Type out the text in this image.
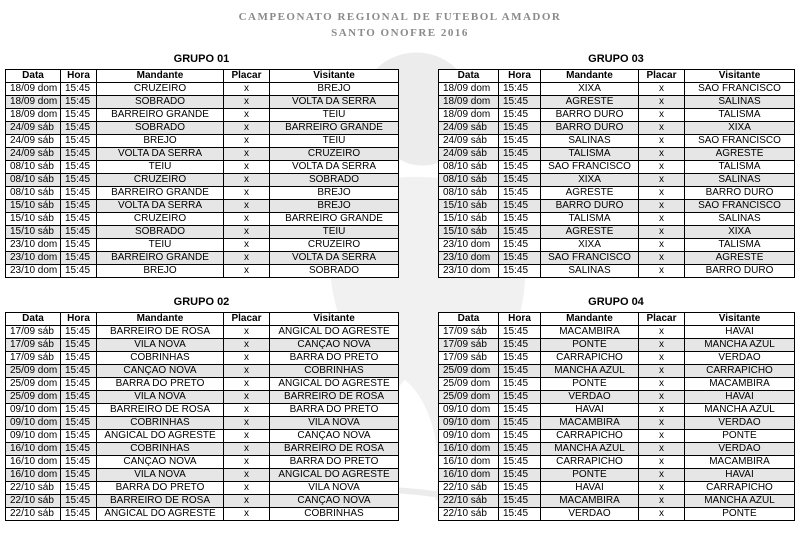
CAMPEONATO REGIONAL DE FUTEBOL AMADOR
SANTO ONOFRE 2016
GRUPO 01
Data	Hora	Mandante	Placar	Visitante
18/09 dom	15:45	CRUZEIRO	x	BREJO
18/09 dom	15:45	SOBRADO	x	VOLTA DA SERRA
18/09 dom	15:45	BARREIRO GRANDE	x	TEIU
24/09 sáb	15:45	SOBRADO	x	BARREIRO GRANDE
24/09 sáb	15:45	BREJO	x	TEIU
24/09 sáb	15:45	VOLTA DA SERRA	x	CRUZEIRO
08/10 sáb	15:45	TEIU	x	VOLTA DA SERRA
08/10 sáb	15:45	CRUZEIRO	x	SOBRADO
08/10 sáb	15:45	BARREIRO GRANDE	x	BREJO
15/10 sáb	15:45	VOLTA DA SERRA	x	BREJO
15/10 sáb	15:45	CRUZEIRO	x	BARREIRO GRANDE
15/10 sáb	15:45	SOBRADO	x	TEIU
23/10 dom	15:45	TEIU	x	CRUZEIRO
23/10 dom	15:45	BARREIRO GRANDE	x	VOLTA DA SERRA
23/10 dom	15:45	BREJO	x	SOBRADO
GRUPO 03
Data	Hora	Mandante	Placar	Visitante
18/09 dom	15:45	XIXA	x	SAO FRANCISCO
18/09 dom	15:45	AGRESTE	x	SALINAS
18/09 dom	15:45	BARRO DURO	x	TALISMA
24/09 sáb	15:45	BARRO DURO	x	XIXA
24/09 sáb	15:45	SALINAS	x	SAO FRANCISCO
24/09 sáb	15:45	TALISMA	x	AGRESTE
08/10 sáb	15:45	SAO FRANCISCO	x	TALISMA
08/10 sáb	15:45	XIXA	x	SALINAS
08/10 sáb	15:45	AGRESTE	x	BARRO DURO
15/10 sáb	15:45	BARRO DURO	x	SAO FRANCISCO
15/10 sáb	15:45	TALISMA	x	SALINAS
15/10 sáb	15:45	AGRESTE	x	XIXA
23/10 dom	15:45	XIXA	x	TALISMA
23/10 dom	15:45	SAO FRANCISCO	x	AGRESTE
23/10 dom	15:45	SALINAS	x	BARRO DURO
GRUPO 02
Data	Hora	Mandante	Placar	Visitante
17/09 sáb	15:45	BARREIRO DE ROSA	x	ANGICAL DO AGRESTE
17/09 sáb	15:45	VILA NOVA	x	CANÇAO NOVA
17/09 sáb	15:45	COBRINHAS	x	BARRA DO PRETO
25/09 dom	15:45	CANÇAO NOVA	x	COBRINHAS
25/09 dom	15:45	BARRA DO PRETO	x	ANGICAL DO AGRESTE
25/09 dom	15:45	VILA NOVA	x	BARREIRO DE ROSA
09/10 dom	15:45	BARREIRO DE ROSA	x	BARRA DO PRETO
09/10 dom	15:45	COBRINHAS	x	VILA NOVA
09/10 dom	15:45	ANGICAL DO AGRESTE	x	CANÇAO NOVA
16/10 dom	15:45	COBRINHAS	x	BARREIRO DE ROSA
16/10 dom	15:45	CANÇAO NOVA	x	BARRA DO PRETO
16/10 dom	15:45	VILA NOVA	x	ANGICAL DO AGRESTE
22/10 sáb	15:45	BARRA DO PRETO	x	VILA NOVA
22/10 sáb	15:45	BARREIRO DE ROSA	x	CANÇAO NOVA
22/10 sáb	15:45	ANGICAL DO AGRESTE	x	COBRINHAS
GRUPO 04
Data	Hora	Mandante	Placar	Visitante
17/09 sáb	15:45	MACAMBIRA	x	HAVAI
17/09 sáb	15:45	PONTE	x	MANCHA AZUL
17/09 sáb	15:45	CARRAPICHO	x	VERDAO
25/09 dom	15:45	MANCHA AZUL	x	CARRAPICHO
25/09 dom	15:45	PONTE	x	MACAMBIRA
25/09 dom	15:45	VERDAO	x	HAVAI
09/10 dom	15:45	HAVAI	x	MANCHA AZUL
09/10 dom	15:45	MACAMBIRA	x	VERDAO
09/10 dom	15:45	CARRAPICHO	x	PONTE
16/10 dom	15:45	MANCHA AZUL	x	VERDAO
16/10 dom	15:45	CARRAPICHO	x	MACAMBIRA
16/10 dom	15:45	PONTE	x	HAVAI
22/10 sáb	15:45	HAVAI	x	CARRAPICHO
22/10 sáb	15:45	MACAMBIRA	x	MANCHA AZUL
22/10 sáb	15:45	VERDAO	x	PONTE
